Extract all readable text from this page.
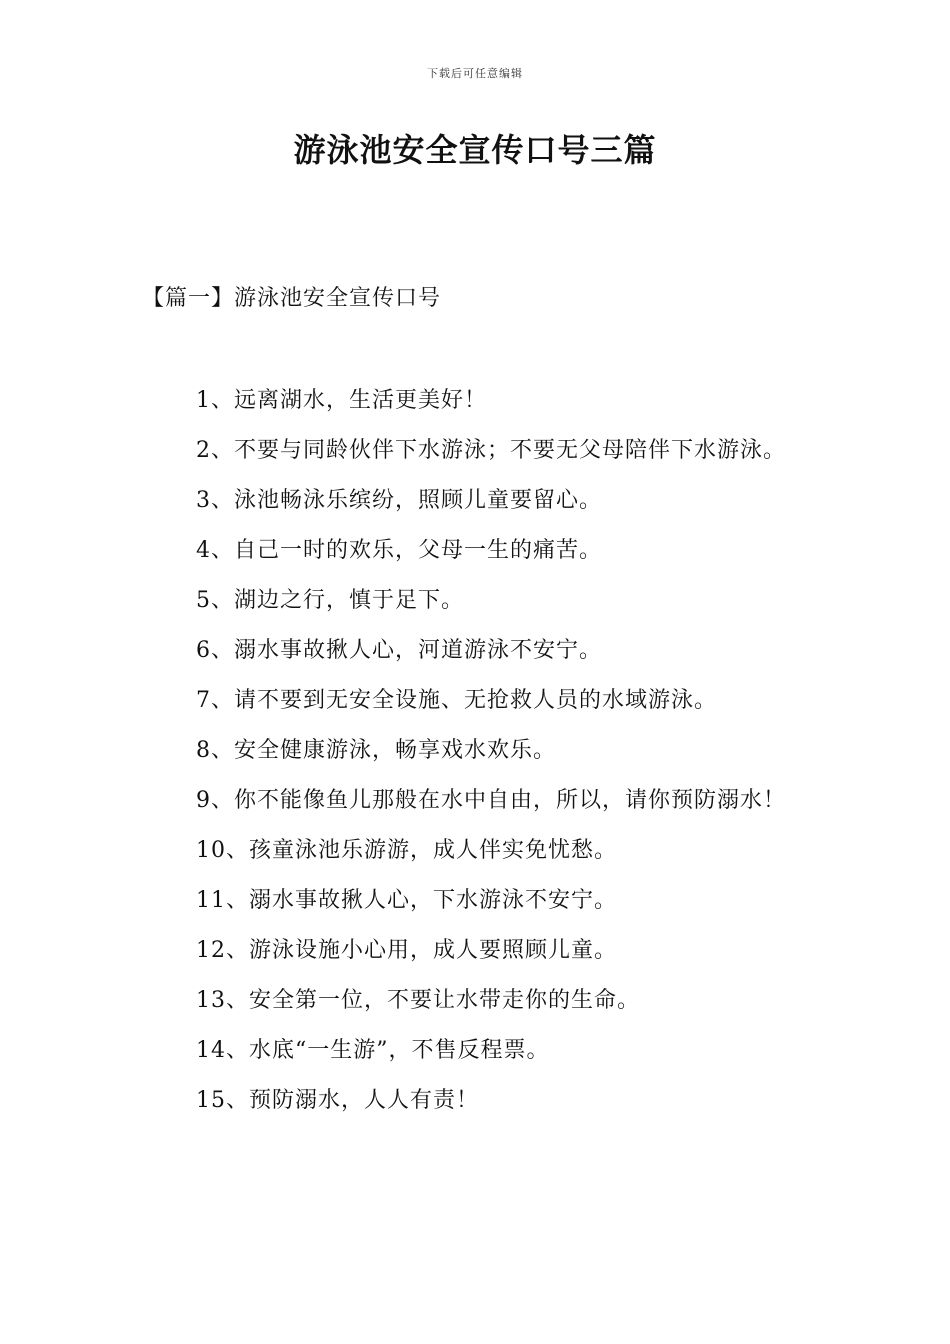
下载后可任意编辑
游泳池安全宣传口号三篇
【篇一】游泳池安全宣传口号
1、远离湖水，生活更美好！
2、不要与同龄伙伴下水游泳；不要无父母陪伴下水游泳。
3、泳池畅泳乐缤纷，照顾儿童要留心。
4、自己一时的欢乐，父母一生的痛苦。
5、湖边之行，慎于足下。
6、溺水事故揪人心，河道游泳不安宁。
7、请不要到无安全设施、无抢救人员的水域游泳。
8、安全健康游泳，畅享戏水欢乐。
9、你不能像鱼儿那般在水中自由，所以，请你预防溺水！
10、孩童泳池乐游游，成人伴实免忧愁。
11、溺水事故揪人心，下水游泳不安宁。
12、游泳设施小心用，成人要照顾儿童。
13、安全第一位，不要让水带走你的生命。
14、水底“一生游”，不售反程票。
15、预防溺水，人人有责！
